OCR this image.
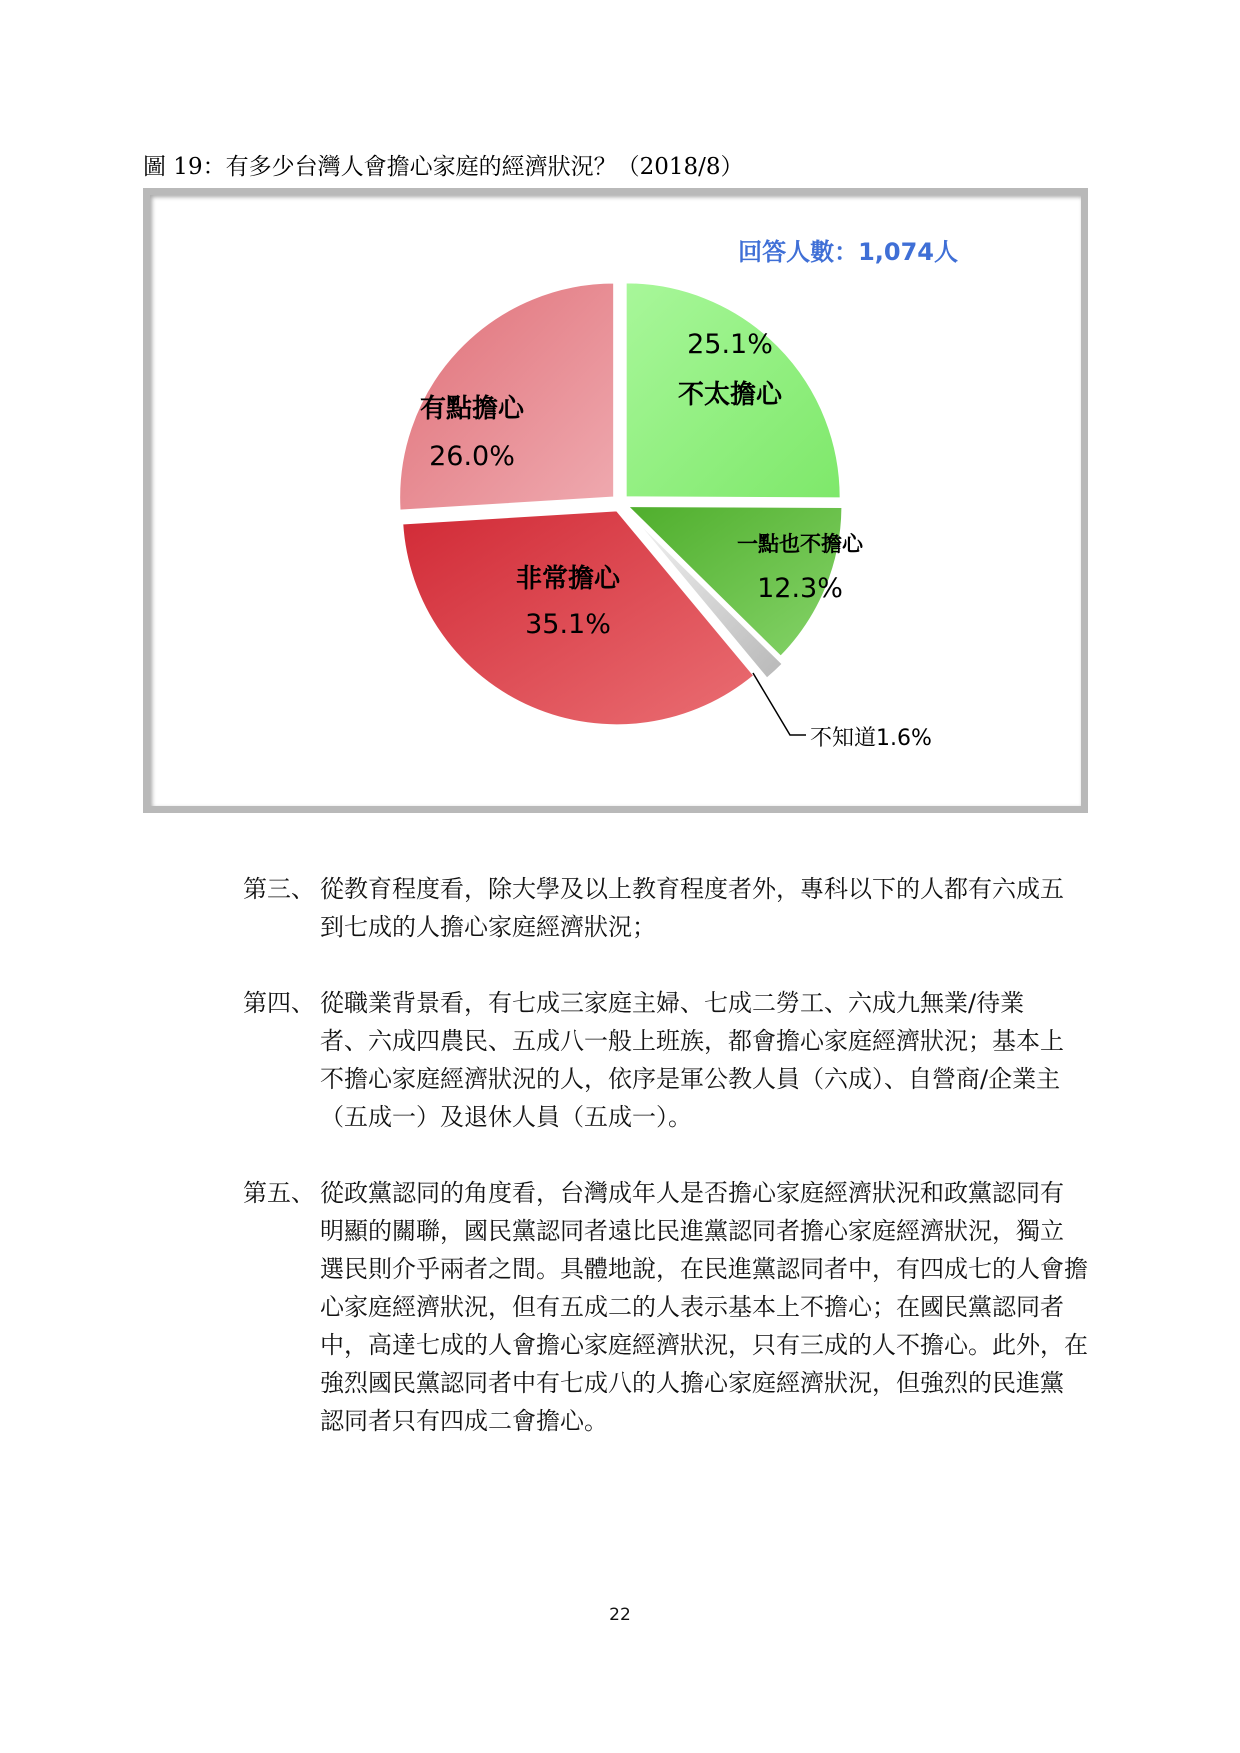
圖 19：有多少台灣人會擔心家庭的經濟狀況？（2018/8）
不太擔心
25.1%
一點也不擔心
12.3%
不知道1.6%
非常擔心
35.1%
有點擔心
26.0%
回答人數：1,074人
第三、 從教育程度看，除大學及以上教育程度者外，專科以下的人都有六成五
到七成的人擔心家庭經濟狀況；
第四、 從職業背景看，有七成三家庭主婦、七成二勞工、六成九無業/待業
者、六成四農民、五成八一般上班族，都會擔心家庭經濟狀況；基本上
不擔心家庭經濟狀況的人，依序是軍公教人員（六成）、自營商/企業主
（五成一）及退休人員（五成一）。
第五、 從政黨認同的角度看，台灣成年人是否擔心家庭經濟狀況和政黨認同有
明顯的關聯，國民黨認同者遠比民進黨認同者擔心家庭經濟狀況，獨立
選民則介乎兩者之間。具體地說，在民進黨認同者中，有四成七的人會擔
心家庭經濟狀況，但有五成二的人表示基本上不擔心；在國民黨認同者
中，高達七成的人會擔心家庭經濟狀況，只有三成的人不擔心。此外，在
強烈國民黨認同者中有七成八的人擔心家庭經濟狀況，但強烈的民進黨
認同者只有四成二會擔心。
22
